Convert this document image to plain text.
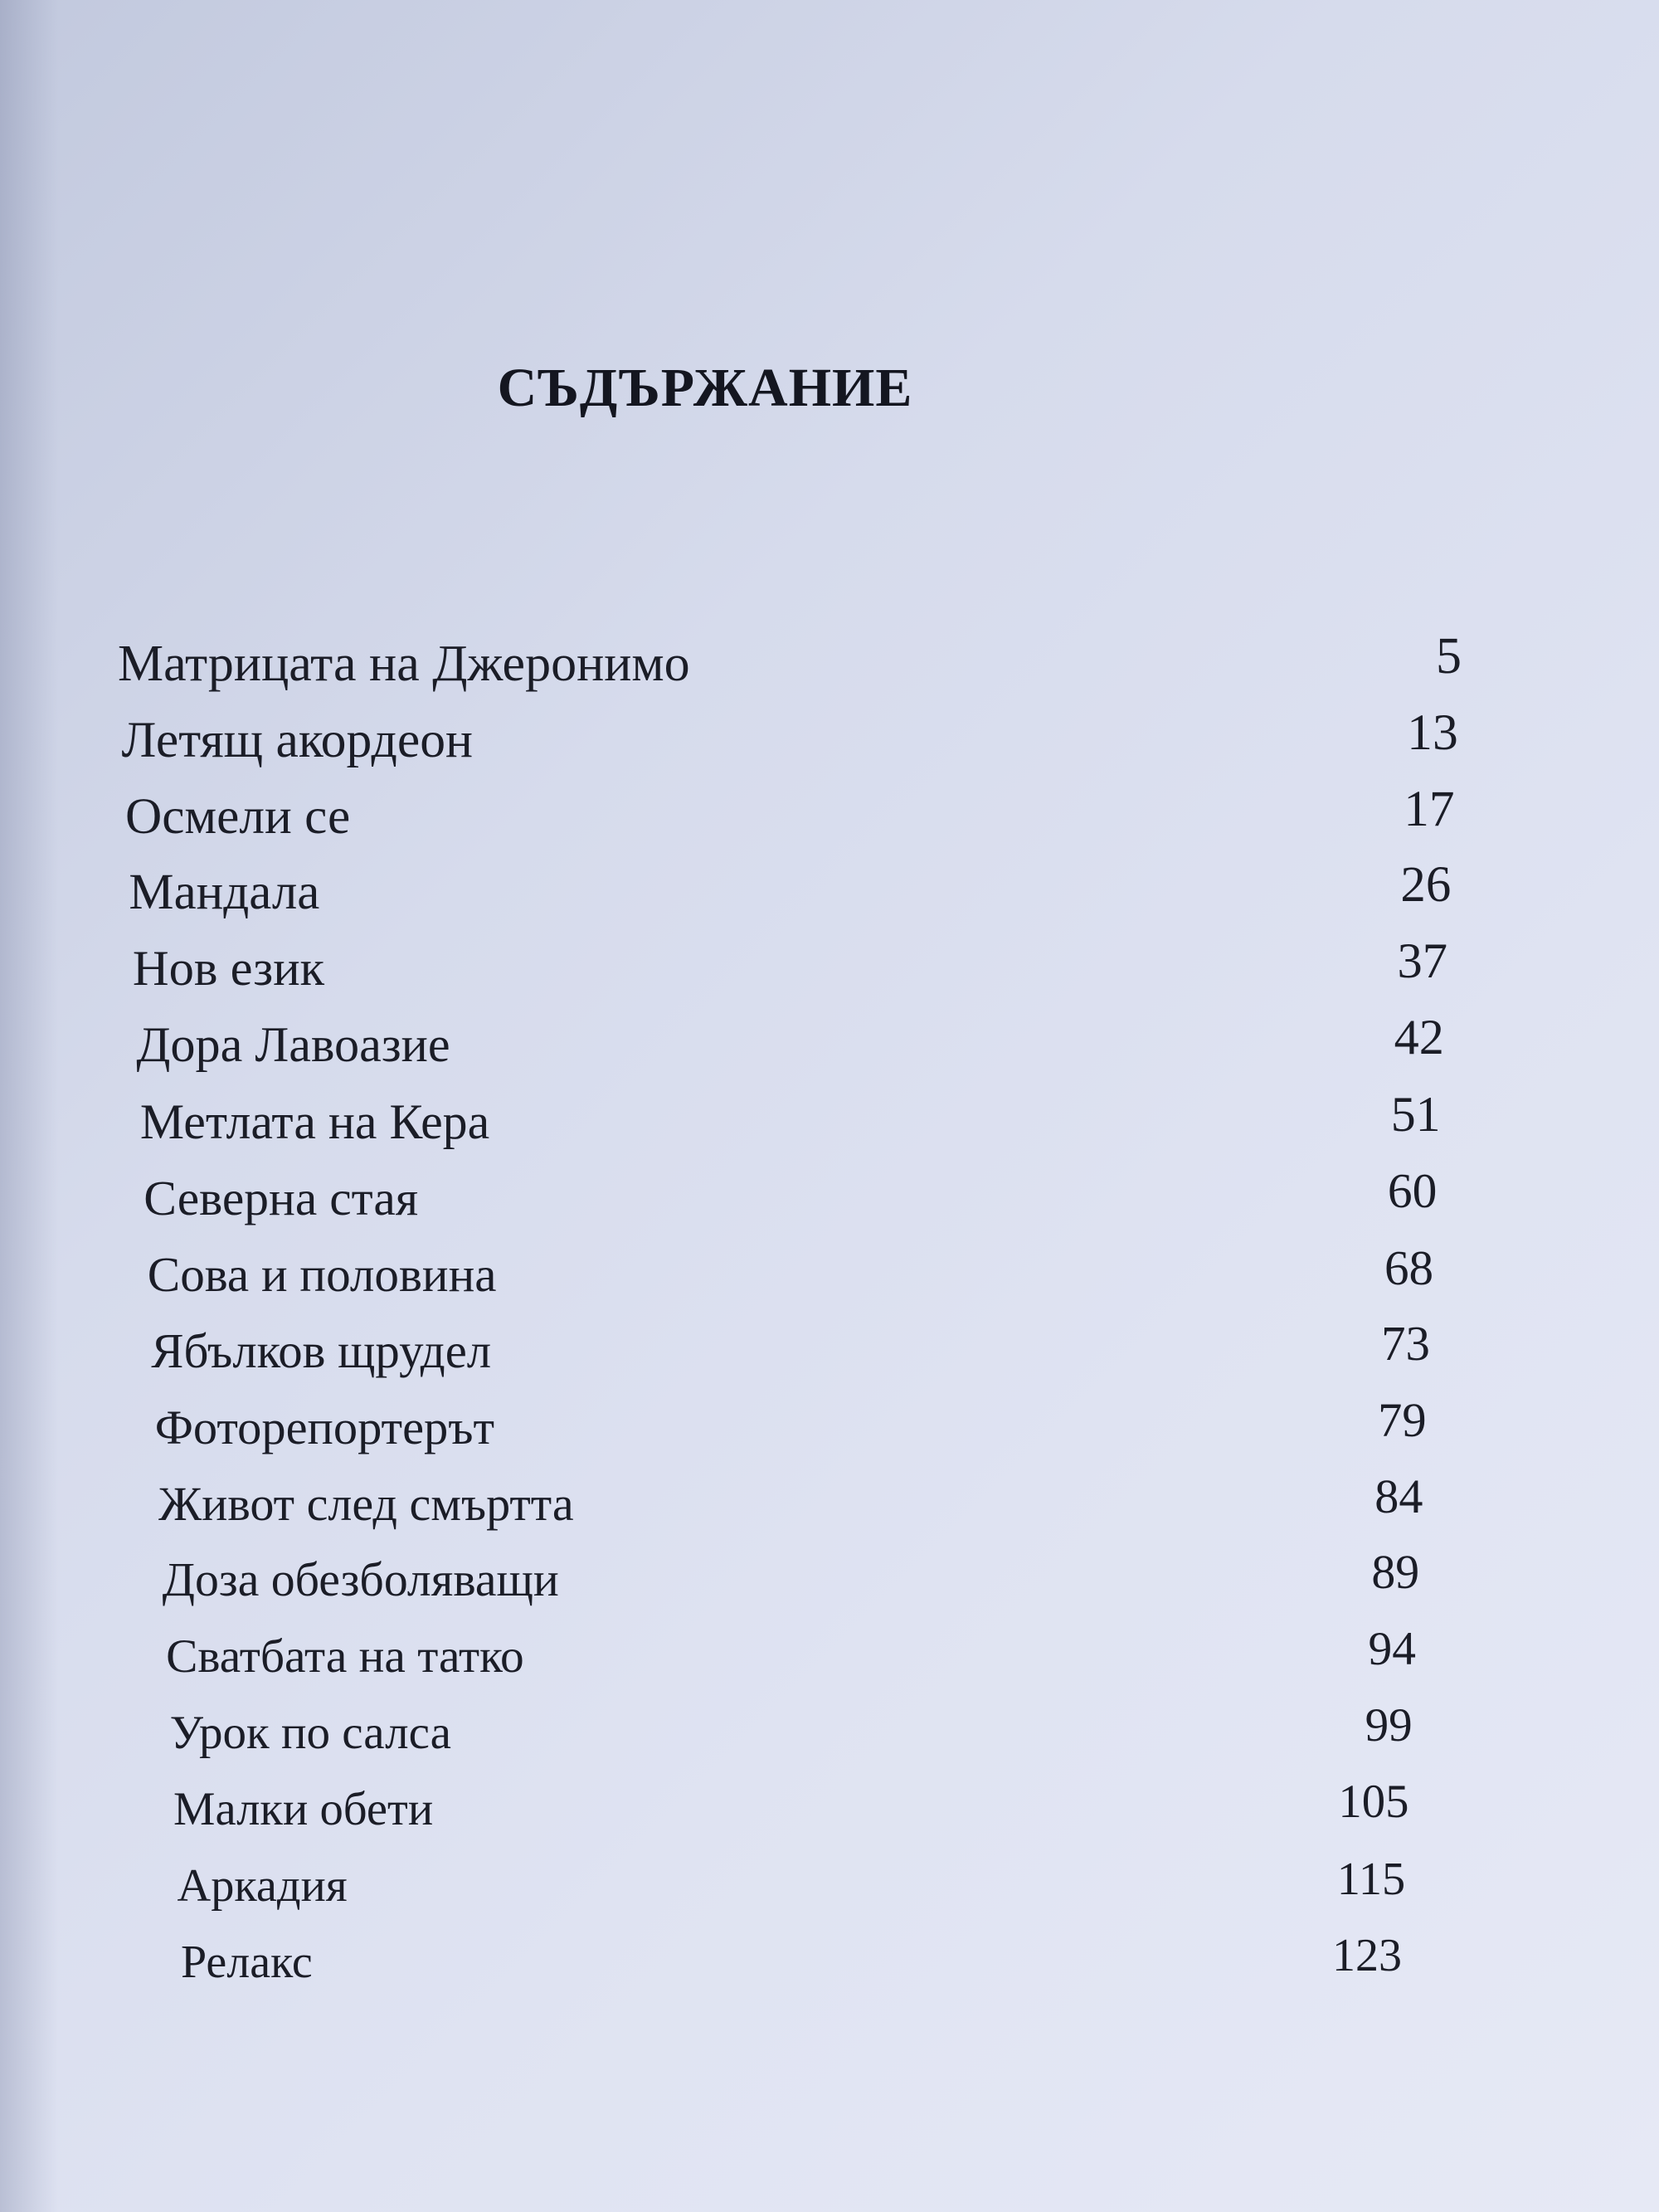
СЪДЪРЖАНИЕ
Матрицата на Джеронимо	5
Летящ акордеон	13
Осмели се	17
Мандала	26
Нов език	37
Дора Лавоазие	42
Метлата на Кера	51
Северна стая	60
Сова и половина	68
Ябълков щрудел	73
Фоторепортерът	79
Живот след смъртта	84
Доза обезболяващи	89
Сватбата на татко	94
Урок по салса	99
Малки обети	105
Аркадия	115
Релакс	123
